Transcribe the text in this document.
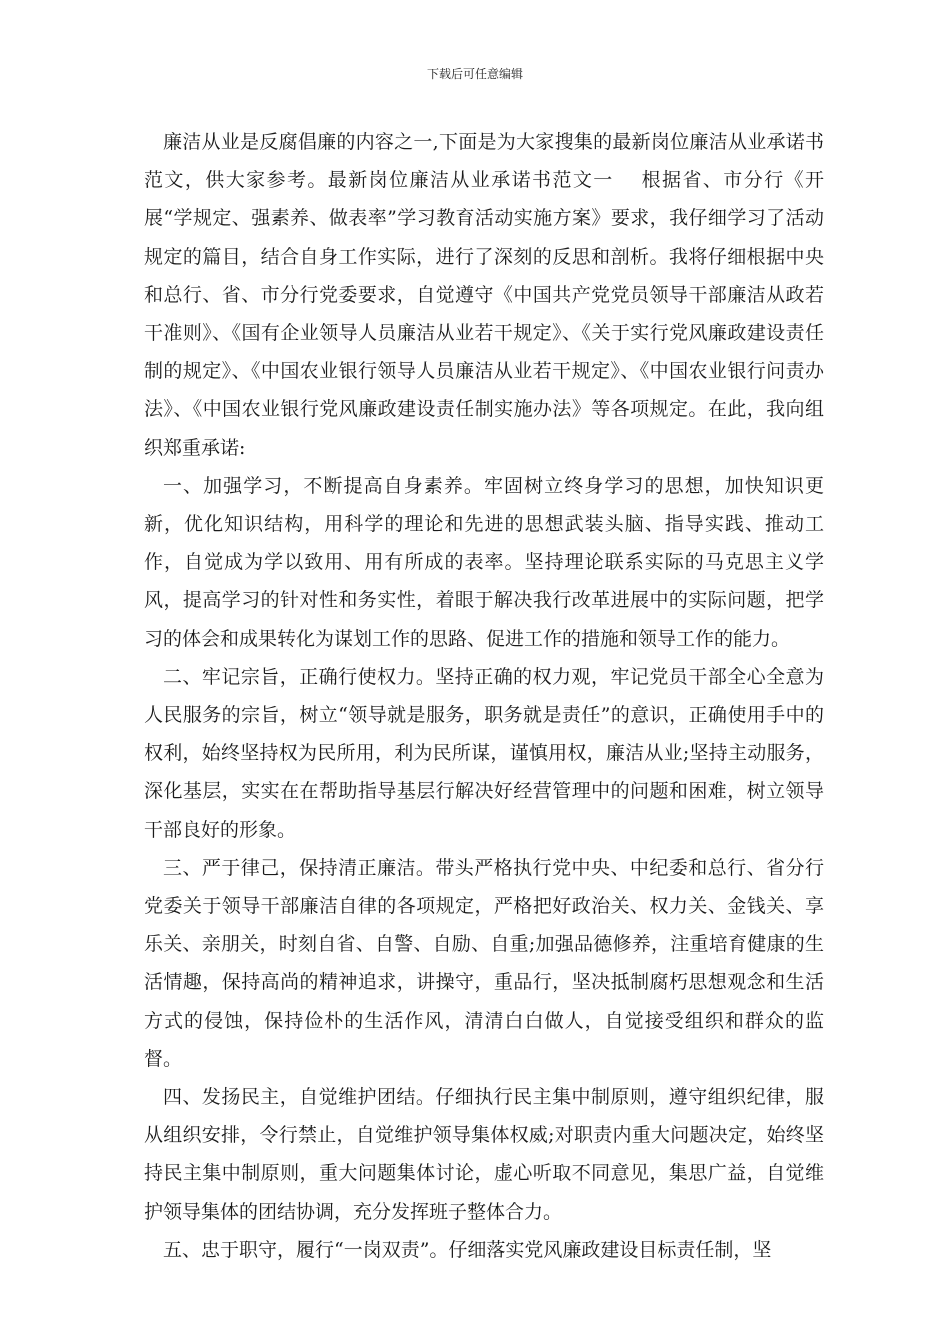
下载后可任意编辑

廉洁从业是反腐倡廉的内容之一,下面是为大家搜集的最新岗位廉洁从业承诺书范文，供大家参考。最新岗位廉洁从业承诺书范文一　 根据省、市分行《开展“学规定、强素养、做表率”学习教育活动实施方案》要求，我仔细学习了活动规定的篇目，结合自身工作实际，进行了深刻的反思和剖析。我将仔细根据中央和总行、省、市分行党委要求，自觉遵守《中国共产党党员领导干部廉洁从政若干准则》、《国有企业领导人员廉洁从业若干规定》、《关于实行党风廉政建设责任制的规定》、《中国农业银行领导人员廉洁从业若干规定》、《中国农业银行问责办法》、《中国农业银行党风廉政建设责任制实施办法》等各项规定。在此，我向组织郑重承诺:

一、加强学习，不断提高自身素养。牢固树立终身学习的思想，加快知识更新，优化知识结构，用科学的理论和先进的思想武装头脑、指导实践、推动工作，自觉成为学以致用、用有所成的表率。坚持理论联系实际的马克思主义学风，提高学习的针对性和务实性，着眼于解决我行改革进展中的实际问题，把学习的体会和成果转化为谋划工作的思路、促进工作的措施和领导工作的能力。

二、牢记宗旨，正确行使权力。坚持正确的权力观，牢记党员干部全心全意为人民服务的宗旨，树立“领导就是服务，职务就是责任”的意识，正确使用手中的权利，始终坚持权为民所用，利为民所谋，谨慎用权，廉洁从业;坚持主动服务，深化基层，实实在在帮助指导基层行解决好经营管理中的问题和困难，树立领导干部良好的形象。

三、严于律己，保持清正廉洁。带头严格执行党中央、中纪委和总行、省分行党委关于领导干部廉洁自律的各项规定，严格把好政治关、权力关、金钱关、享乐关、亲朋关，时刻自省、自警、自励、自重;加强品德修养，注重培育健康的生活情趣，保持高尚的精神追求，讲操守，重品行，坚决抵制腐朽思想观念和生活方式的侵蚀，保持俭朴的生活作风，清清白白做人，自觉接受组织和群众的监督。

四、发扬民主，自觉维护团结。仔细执行民主集中制原则，遵守组织纪律，服从组织安排，令行禁止，自觉维护领导集体权威;对职责内重大问题决定，始终坚持民主集中制原则，重大问题集体讨论，虚心听取不同意见，集思广益，自觉维护领导集体的团结协调，充分发挥班子整体合力。

五、忠于职守，履行“一岗双责”。仔细落实党风廉政建设目标责任制，坚
